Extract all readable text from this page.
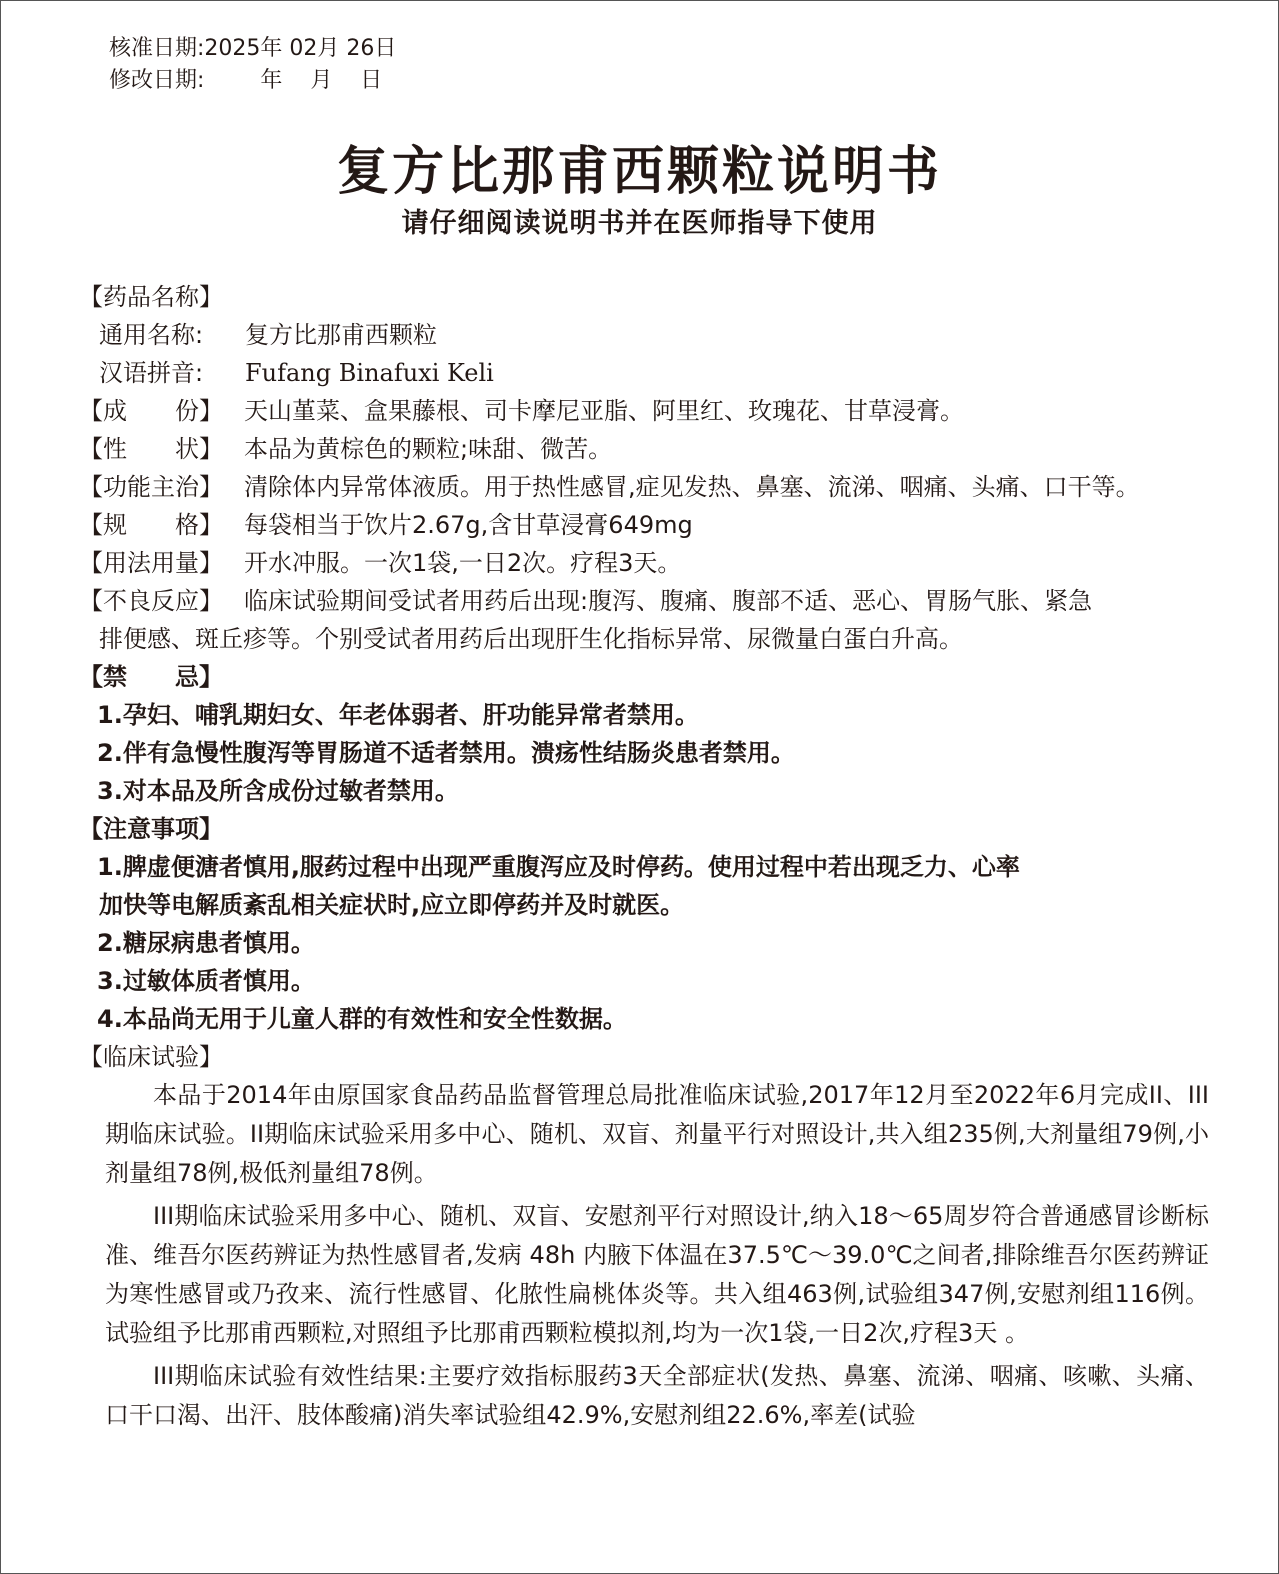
核准日期:2025年 02月 26日
修改日期:        年    月    日
复方比那甫西颗粒说明书
请仔细阅读说明书并在医师指导下使用
【药品名称】
通用名称: 复方比那甫西颗粒
汉语拼音: Fufang Binafuxi Keli
【成　　份】 天山堇菜、盒果藤根、司卡摩尼亚脂、阿里红、玫瑰花、甘草浸膏。
【性　　状】 本品为黄棕色的颗粒;味甜、微苦。
【功能主治】 清除体内异常体液质。用于热性感冒,症见发热、鼻塞、流涕、咽痛、头痛、口干等。
【规　　格】 每袋相当于饮片2.67g,含甘草浸膏649mg
【用法用量】 开水冲服。一次1袋,一日2次。疗程3天。
【不良反应】 临床试验期间受试者用药后出现:腹泻、腹痛、腹部不适、恶心、胃肠气胀、紧急
排便感、斑丘疹等。个别受试者用药后出现肝生化指标异常、尿微量白蛋白升高。
【禁　　忌】
1.孕妇、哺乳期妇女、年老体弱者、肝功能异常者禁用。
2.伴有急慢性腹泻等胃肠道不适者禁用。溃疡性结肠炎患者禁用。
3.对本品及所含成份过敏者禁用。
【注意事项】
1.脾虚便溏者慎用,服药过程中出现严重腹泻应及时停药。使用过程中若出现乏力、心率
加快等电解质紊乱相关症状时,应立即停药并及时就医。
2.糖尿病患者慎用。
3.过敏体质者慎用。
4.本品尚无用于儿童人群的有效性和安全性数据。
【临床试验】

本品于2014年由原国家食品药品监督管理总局批准临床试验,2017年12月至2022年6月完成II、III期临床试验。II期临床试验采用多中心、随机、双盲、剂量平行对照设计,共入组235例,大剂量组79例,小剂量组78例,极低剂量组78例。

III期临床试验采用多中心、随机、双盲、安慰剂平行对照设计,纳入18～65周岁符合普通感冒诊断标准、维吾尔医药辨证为热性感冒者,发病 48h 内腋下体温在37.5℃～39.0℃之间者,排除维吾尔医药辨证为寒性感冒或乃孜来、流行性感冒、化脓性扁桃体炎等。共入组463例,试验组347例,安慰剂组116例。试验组予比那甫西颗粒,对照组予比那甫西颗粒模拟剂,均为一次1袋,一日2次,疗程3天 。

III期临床试验有效性结果:主要疗效指标服药3天全部症状(发热、鼻塞、流涕、咽痛、咳嗽、头痛、口干口渴、出汗、肢体酸痛)消失率试验组42.9%,安慰剂组22.6%,率差(试验
